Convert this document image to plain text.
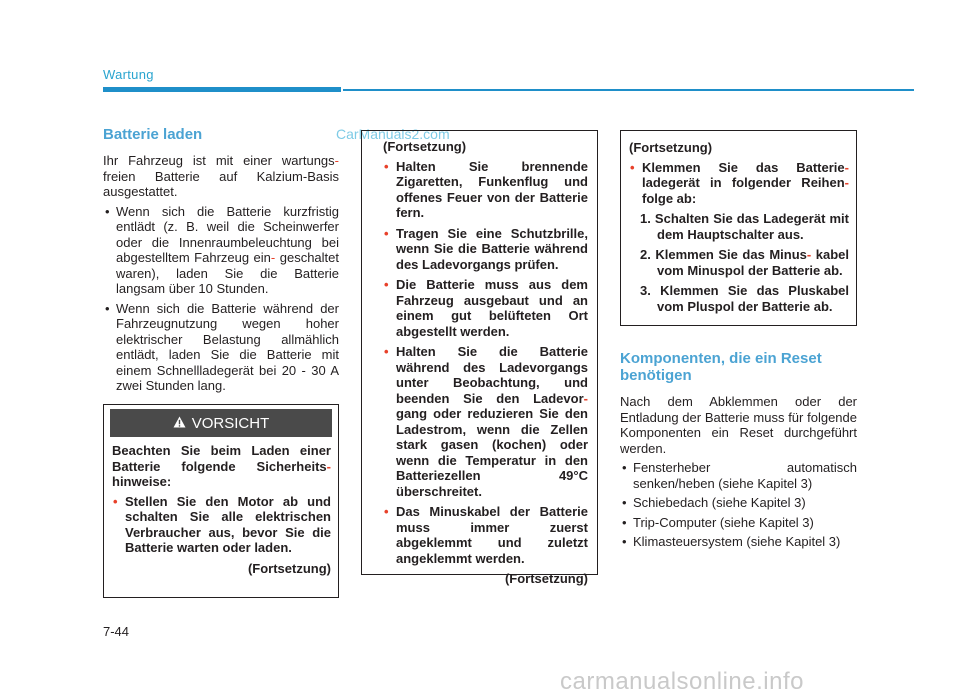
Wartung
CarManuals2.com
Batterie laden

Ihr Fahrzeug ist mit einer wartungs- freien Batterie auf Kalzium-Basis ausgestattet.

• Wenn sich die Batterie kurzfristig entlädt (z. B. weil die Scheinwerfer oder die Innenraumbeleuchtung bei abgestelltem Fahrzeug ein- geschaltet waren), laden Sie die Batterie langsam über 10 Stunden.
• Wenn sich die Batterie während der Fahrzeugnutzung wegen hoher elektrischer Belastung allmählich entlädt, laden Sie die Batterie mit einem Schnellladegerät bei 20 - 30 A zwei Stunden lang.
VORSICHT

Beachten Sie beim Laden einer Batterie folgende Sicherheits- hinweise:

• Stellen Sie den Motor ab und schalten Sie alle elektrischen Verbraucher aus, bevor Sie die Batterie warten oder laden.
(Fortsetzung)
(Fortsetzung)
• Halten Sie brennende Zigaretten, Funkenflug und offenes Feuer von der Batterie fern.
• Tragen Sie eine Schutzbrille, wenn Sie die Batterie während des Ladevorgangs prüfen.
• Die Batterie muss aus dem Fahrzeug ausgebaut und an einem gut belüfteten Ort abgestellt werden.
• Halten Sie die Batterie während des Ladevorgangs unter Beobachtung, und beenden Sie den Ladevor- gang oder reduzieren Sie den Ladestrom, wenn die Zellen stark gasen (kochen) oder wenn die Temperatur in den Batteriezellen 49°C überschreitet.
• Das Minuskabel der Batterie muss immer zuerst abgeklemmt und zuletzt angeklemmt werden.
(Fortsetzung)
(Fortsetzung)
• Klemmen Sie das Batterie- ladegerät in folgender Reihen- folge ab:
1. Schalten Sie das Ladegerät mit dem Hauptschalter aus.
2. Klemmen Sie das Minus- kabel vom Minuspol der Batterie ab.
3. Klemmen Sie das Pluskabel vom Pluspol der Batterie ab.
Komponenten, die ein Reset benötigen

Nach dem Abklemmen oder der Entladung der Batterie muss für folgende Komponenten ein Reset durchgeführt werden.

• Fensterheber automatisch senken/heben (siehe Kapitel 3)
• Schiebedach (siehe Kapitel 3)
• Trip-Computer (siehe Kapitel 3)
• Klimasteuersystem (siehe Kapitel 3)
7-44
carmanualsonline.info
